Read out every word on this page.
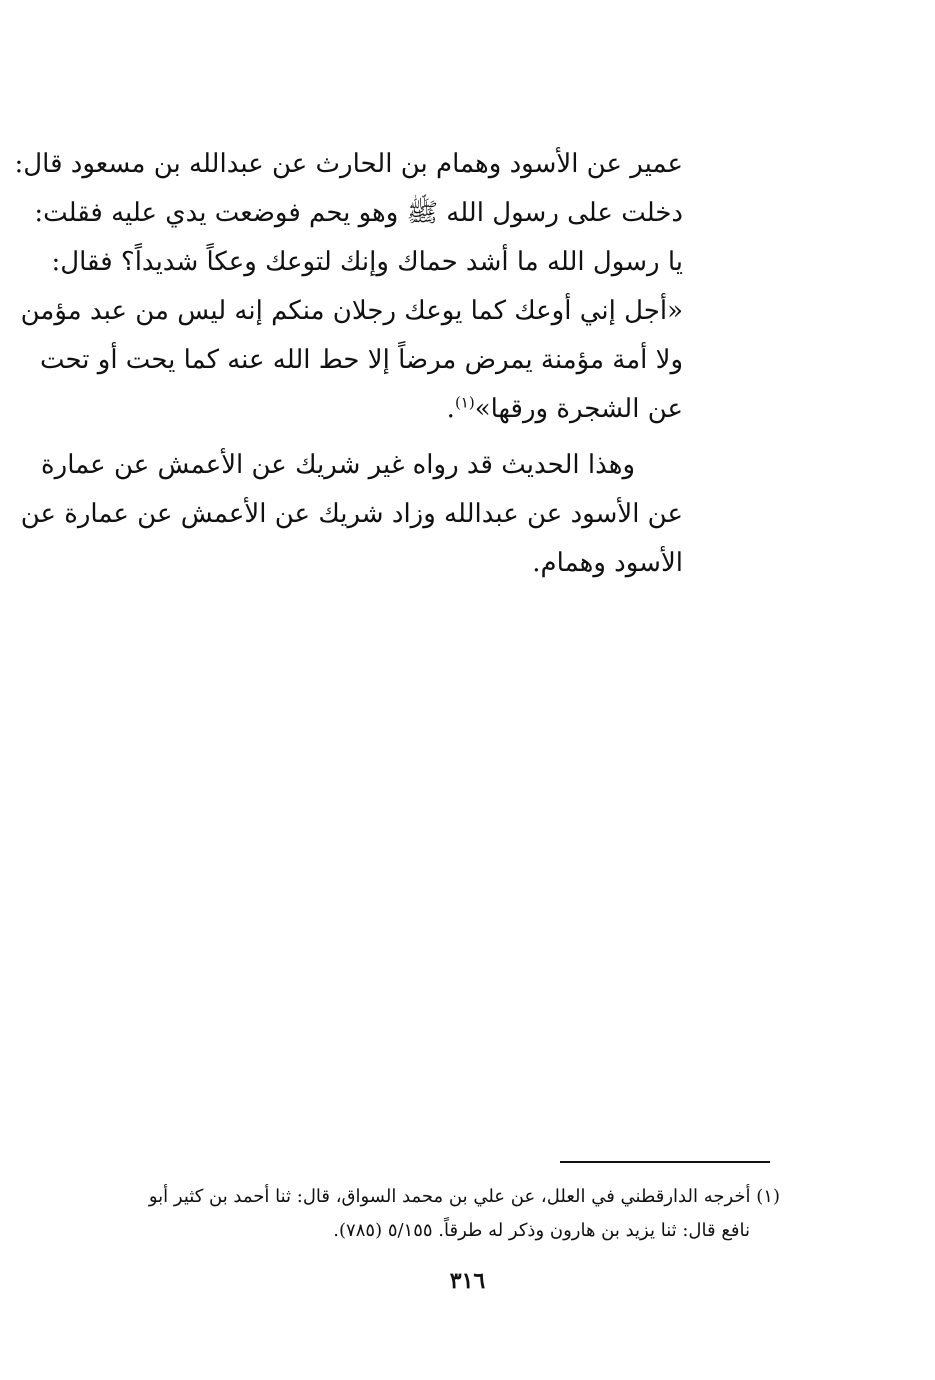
عمير عن الأسود وهمام بن الحارث عن عبدالله بن مسعود قال:
دخلت على رسول الله ﷺ وهو يحم فوضعت يدي عليه فقلت:
يا رسول الله ما أشد حماك وإنك لتوعك وعكاً شديداً؟ فقال:
«أجل إني أوعك كما يوعك رجلان منكم إنه ليس من عبد مؤمن
ولا أمة مؤمنة يمرض مرضاً إلا حط الله عنه كما يحت أو تحت
عن الشجرة ورقها»$^{(١)}$.

وهذا الحديث قد رواه غير شريك عن الأعمش عن عمارة
عن الأسود عن عبدالله وزاد شريك عن الأعمش عن عمارة عن
الأسود وهمام.

(١) أخرجه الدارقطني في العلل، عن علي بن محمد السواق، قال: ثنا أحمد بن كثير أبو
نافع قال: ثنا يزيد بن هارون وذكر له طرقاً. ٥/١٥٥ (٧٨٥).
٣١٦
